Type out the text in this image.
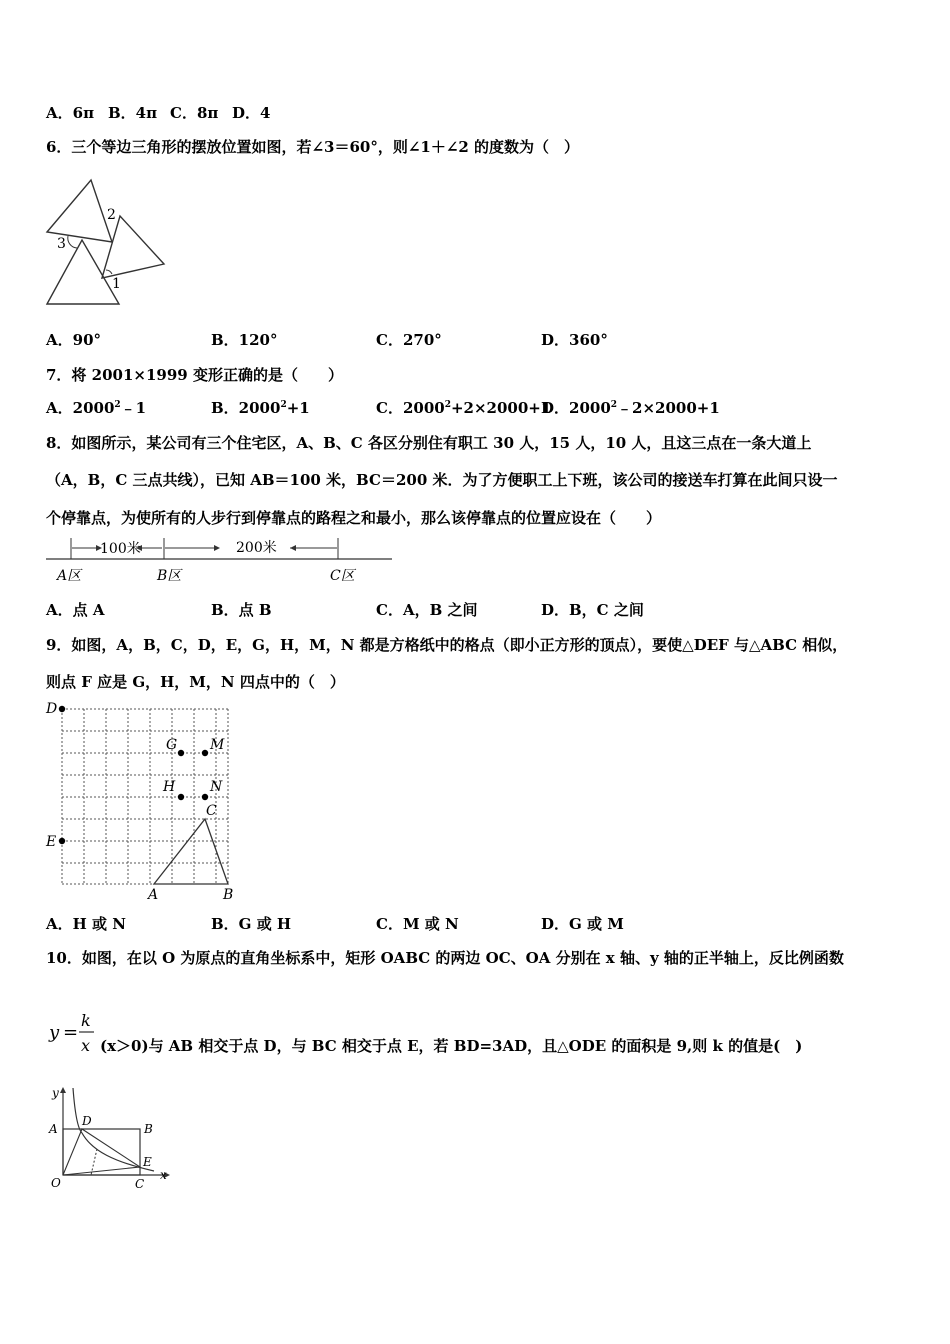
A．6π B．4π C．8π D．4
6．三个等边三角形的摆放位置如图，若∠3＝60°，则∠1＋∠2 的度数为（　）
1
2
3
A．90°	B．120°	C．270°	D．360°
7．将 2001×1999 变形正确的是（　　）
A．2000$^2$﹣1	B．$2000^2+1$	C．$2000^2+2\times 2000+1D$．$2000^2﹣2\times 2000+1$
8．如图所示，某公司有三个住宅区，A、B、C 各区分别住有职工 30 人，15 人，10 人，且这三点在一条大道上
（A，B，C 三点共线），已知 AB＝100 米，BC＝200 米．为了方便职工上下班，该公司的接送车打算在此间只设一
个停靠点，为使所有的人步行到停靠点的路程之和最小，那么该停靠点的位置应设在（　　）
100米	200米
A区	B区	C区
A．点 A	B．点 B	C．A，B 之间	D．B，C 之间
9．如图，A，B，C，D，E，G，H，M，N 都是方格纸中的格点（即小正方形的顶点），要使△DEF 与△ABC 相似，
则点 F 应是 G，H，M，N 四点中的（　）
D
E
G M
H N
C
A	B
A．H 或 N	B．G 或 H	C．M 或 N	D．G 或 M
10．如图，在以 O 为原点的直角坐标系中，矩形 OABC 的两边 OC、OA 分别在 x 轴、y 轴的正半轴上，反比例函数
y =
k
x (x＞0)与 AB 相交于点 D，与 BC 相交于点 E，若 BD=3AD，且△ODE 的面积是 9,则 k 的值是(　)
y
x
A	B
D
E
O	C
